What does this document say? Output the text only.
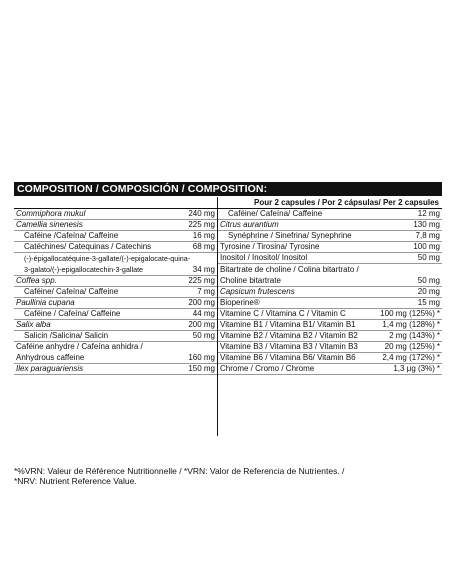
COMPOSITION / COMPOSICIÓN / COMPOSITION:
Pour 2 capsules / Por 2 cápsulas/ Per 2 capsules
Commiphora mukul	240 mg
Camellia sinenesis	225 mg
Caféine /Cafeína/ Caffeine	16 mg
Catéchines/ Catequinas / Catechins	68 mg
(-)-épigallocatéquine-3-gallate/(-)-epigalocate-quina-3-galato/(-)-epigallocatechin-3-gallate	34 mg
Coffea spp.	225 mg
Caféine/ Cafeína/ Caffeine	7 mg
Paullinia cupana	200 mg
Caféine / Cafeína/ Caffeine	44 mg
Salix alba	200 mg
Salicin /Salicina/ Salicin	50 mg
Caféine anhydre / Cafeína anhidra /
Anhydrous caffeine	160 mg
Ilex paraguariensis	150 mg
Caféine/ Cafeína/ Caffeine	12 mg
Citrus aurantium	130 mg
Synéphrine / Sinefrina/ Synephrine	7,8 mg
Tyrosine / Tirosina/ Tyrosine	100 mg
Inositol / Inositol/ Inositol	50 mg
Bitartrate de choline / Colina bitartrato /
Choline bitartrate	50 mg
Capsicum frutescens	20 mg
Bioperine®	15 mg
Vitamine C / Vitamina C / Vitamin C	100 mg (125%) *
Vitamine B1 / Vitamina B1/ Vitamin B1	1,4 mg (128%) *
Vitamine B2 / Vitamina B2 / Vitamin B2	2 mg (143%) *
Vitamine B3 / Vitamina B3 / Vitamin B3	20 mg (125%) *
Vitamine B6 / Vitamina B6/ Vitamin B6	2,4 mg (172%) *
Chrome / Cromo / Chrome	1,3 μg (3%) *
*%VRN: Valeur de Référence Nutritionnelle / *VRN: Valor de Referencia de Nutrientes. /
*NRV: Nutrient Reference Value.
